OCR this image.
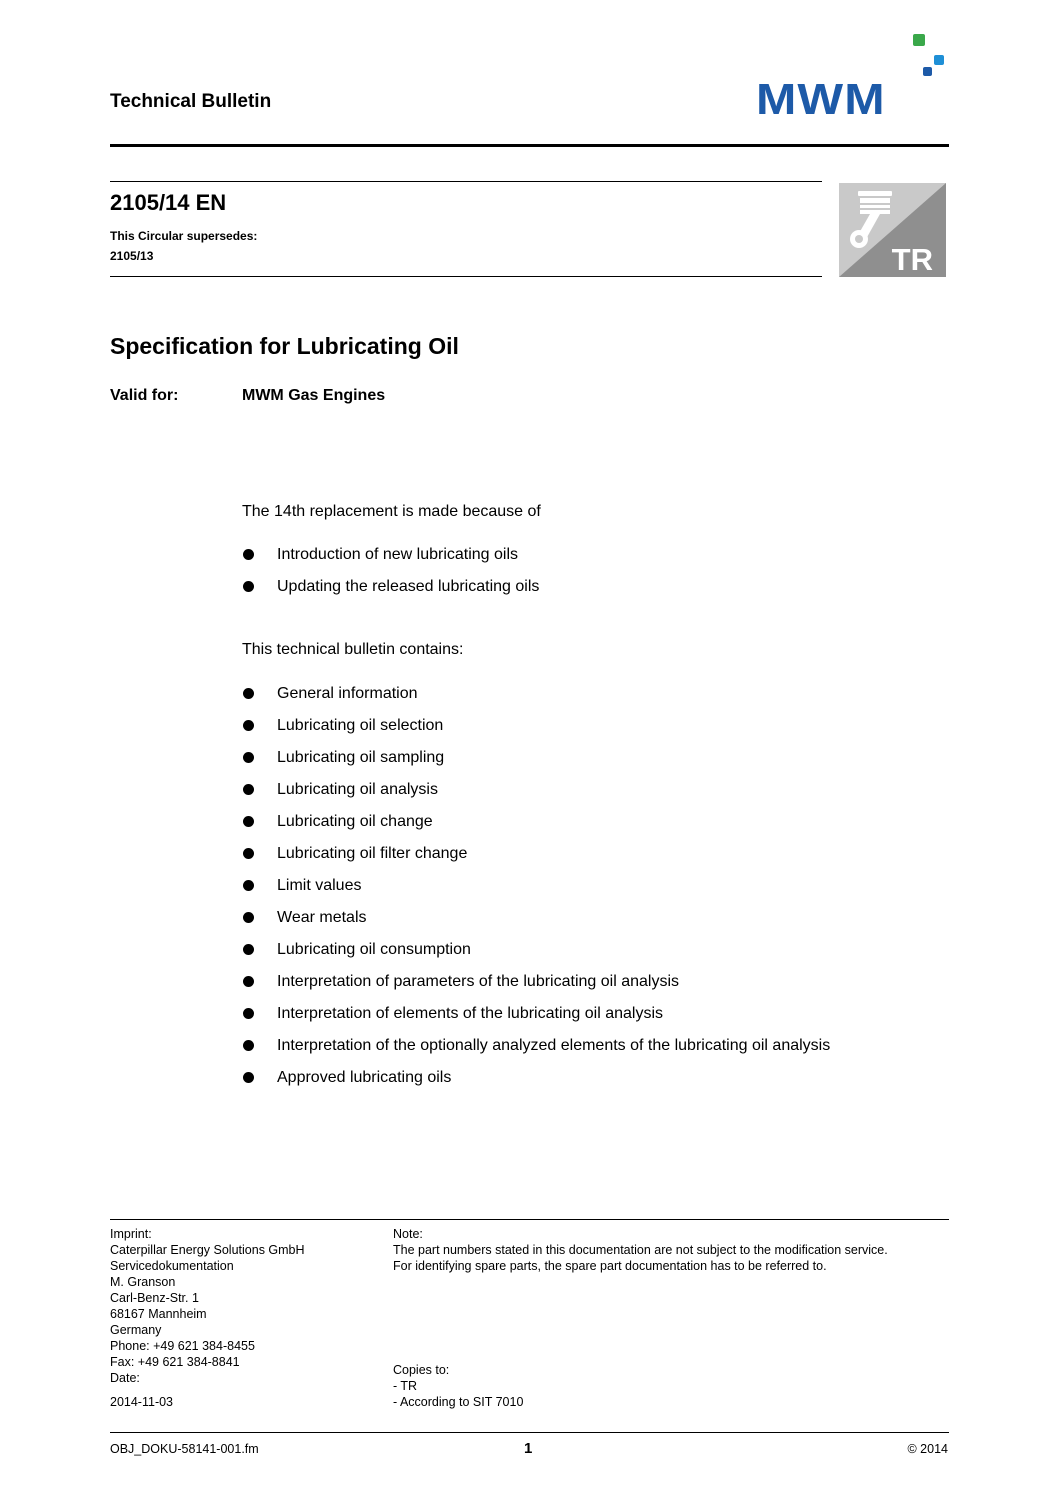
Technical Bulletin	MWM
2105/14 EN
This Circular supersedes:
2105/13	TR
Specification for Lubricating Oil
Valid for:	MWM Gas Engines
The 14th replacement is made because of
Introduction of new lubricating oils
Updating the released lubricating oils
This technical bulletin contains:
General information
Lubricating oil selection
Lubricating oil sampling
Lubricating oil analysis
Lubricating oil change
Lubricating oil filter change
Limit values
Wear metals
Lubricating oil consumption
Interpretation of parameters of the lubricating oil analysis
Interpretation of elements of the lubricating oil analysis
Interpretation of the optionally analyzed elements of the lubricating oil analysis
Approved lubricating oils
Imprint:
Caterpillar Energy Solutions GmbH
Servicedokumentation
M. Granson
Carl-Benz-Str. 1
68167 Mannheim
Germany
Phone: +49 621 384-8455
Fax: +49 621 384-8841
Date:
2014-11-03
Note:
The part numbers stated in this documentation are not subject to the modification service.
For identifying spare parts, the spare part documentation has to be referred to.
Copies to:
- TR
- According to SIT 7010
OBJ_DOKU-58141-001.fm	1	© 2014
